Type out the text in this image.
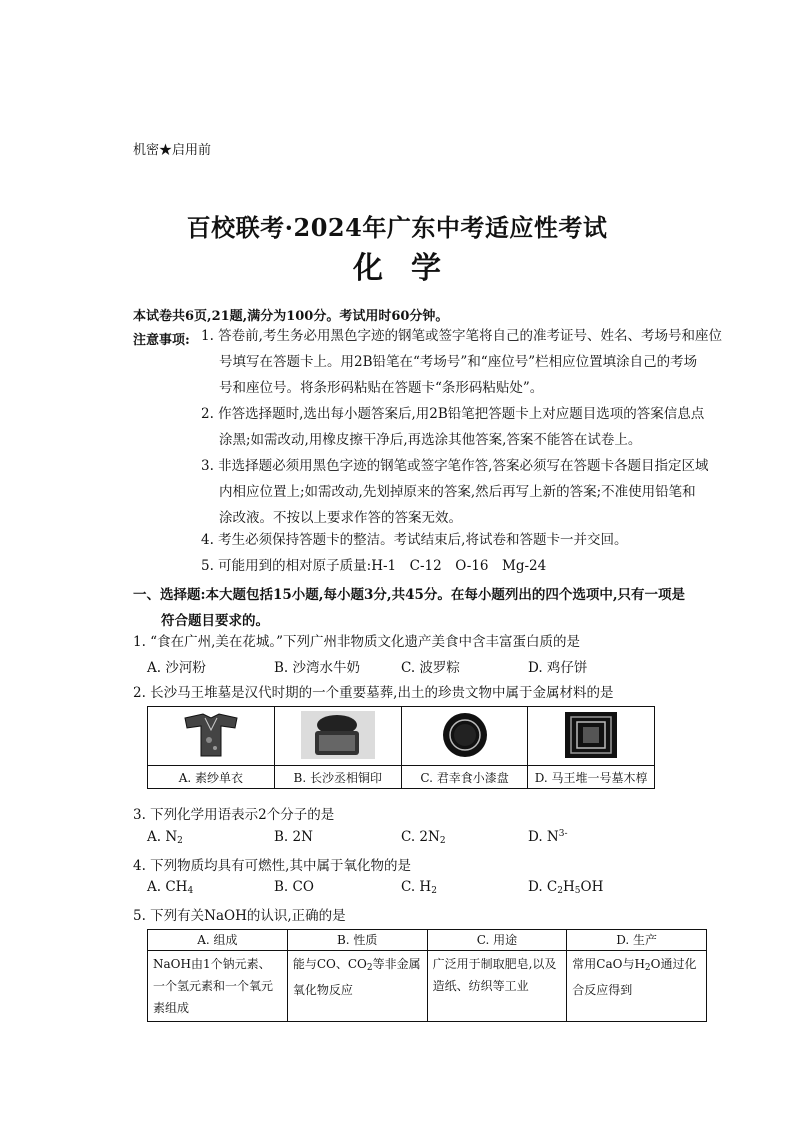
机密★启用前
百校联考·2024年广东中考适应性考试
化学
本试卷共6页,21题,满分为100分。考试用时60分钟。
注意事项: 1. 答卷前,考生务必用黑色字迹的钢笔或签字笔将自己的准考证号、姓名、考场号和座位
号填写在答题卡上。用2B铅笔在“考场号”和“座位号”栏相应位置填涂自己的考场
号和座位号。将条形码粘贴在答题卡“条形码粘贴处”。
2. 作答选择题时,选出每小题答案后,用2B铅笔把答题卡上对应题目选项的答案信息点
涂黑;如需改动,用橡皮擦干净后,再选涂其他答案,答案不能答在试卷上。
3. 非选择题必须用黑色字迹的钢笔或签字笔作答,答案必须写在答题卡各题目指定区域
内相应位置上;如需改动,先划掉原来的答案,然后再写上新的答案;不准使用铅笔和
涂改液。不按以上要求作答的答案无效。
4. 考生必须保持答题卡的整洁。考试结束后,将试卷和答题卡一并交回。
5. 可能用到的相对原子质量:H-1　C-12　O-16　Mg-24
一、选择题:本大题包括15小题,每小题3分,共45分。在每小题列出的四个选项中,只有一项是
符合题目要求的。
1. “食在广州,美在花城。”下列广州非物质文化遗产美食中含丰富蛋白质的是
A. 沙河粉	B. 沙湾水牛奶	C. 波罗粽	D. 鸡仔饼
2. 长沙马王堆墓是汉代时期的一个重要墓葬,出土的珍贵文物中属于金属材料的是

A. 素纱单衣	B. 长沙丞相铜印	C. 君幸食小漆盘	D. 马王堆一号墓木椁
3. 下列化学用语表示2个分子的是
A. $N_2$	B. 2N	C. $2N_2$	D. $N^{3-}$
4. 下列物质均具有可燃性,其中属于氧化物的是
A. $CH_4$	B. CO	C. $H_2$	D. $C_2H_5OH$
5. 下列有关NaOH的认识,正确的是
A. 组成	B. 性质	C. 用途	D. 生产
NaOH由1个钠元素、一个氢元素和一个氧元素组成	能与CO、$CO_2$等非金属氧化物反应	广泛用于制取肥皂,以及造纸、纺织等工业	常用CaO与$H_2O$通过化合反应得到
